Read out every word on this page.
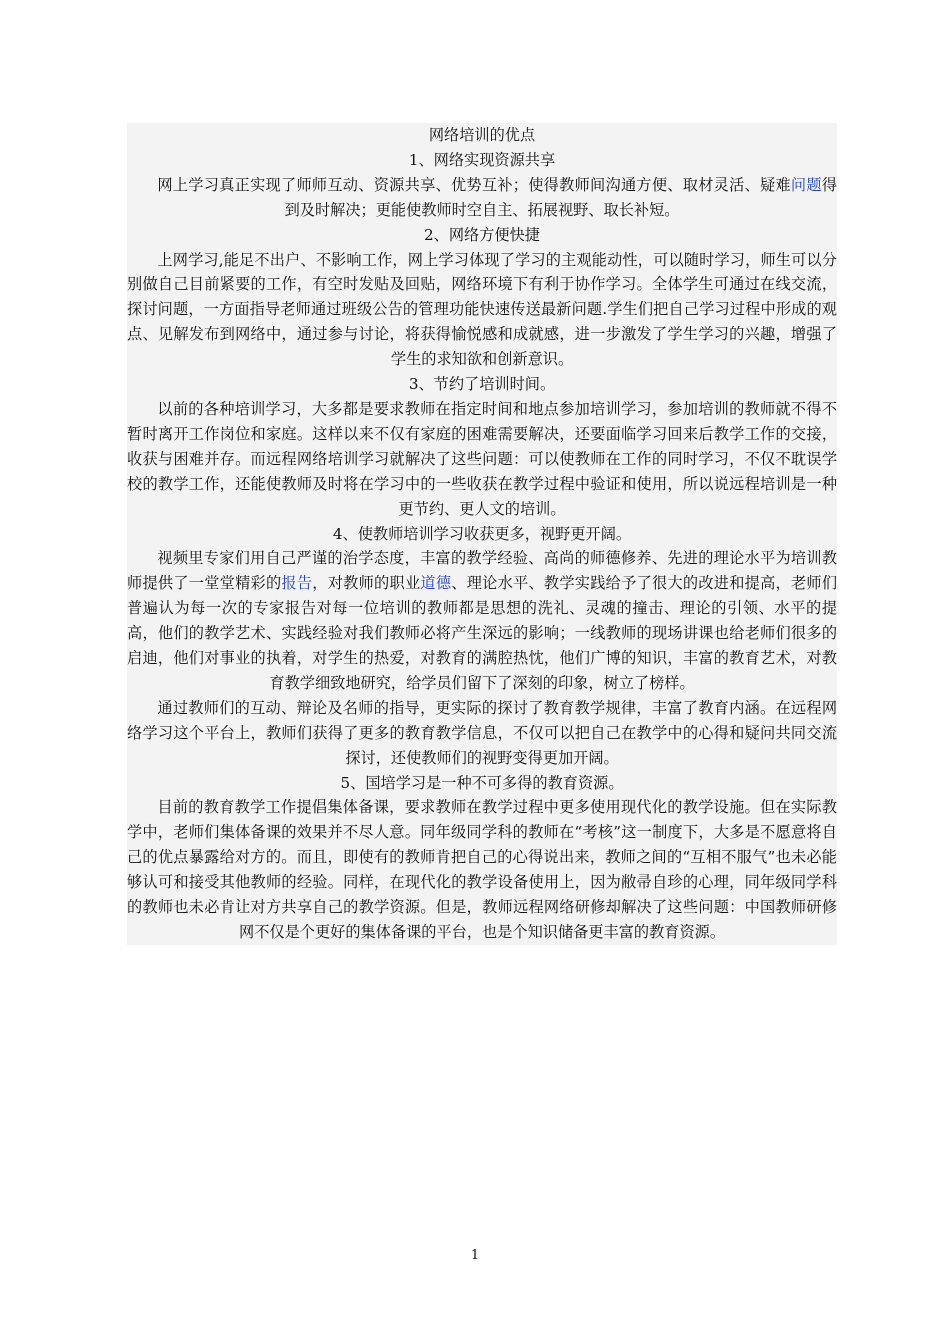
网络培训的优点

1、网络实现资源共享

网上学习真正实现了师师互动、资源共享、优势互补；使得教师间沟通方便、取材灵活、疑难问题得到及时解决；更能使教师时空自主、拓展视野、取长补短。

2、网络方便快捷

上网学习,能足不出户、不影响工作，网上学习体现了学习的主观能动性，可以随时学习，师生可以分别做自己目前紧要的工作，有空时发贴及回贴，网络环境下有利于协作学习。全体学生可通过在线交流，探讨问题，一方面指导老师通过班级公告的管理功能快速传送最新问题.学生们把自己学习过程中形成的观点、见解发布到网络中，通过参与讨论，将获得愉悦感和成就感，进一步激发了学生学习的兴趣，增强了学生的求知欲和创新意识。

3、节约了培训时间。

以前的各种培训学习，大多都是要求教师在指定时间和地点参加培训学习，参加培训的教师就不得不暂时离开工作岗位和家庭。这样以来不仅有家庭的困难需要解决，还要面临学习回来后教学工作的交接，收获与困难并存。而远程网络培训学习就解决了这些问题：可以使教师在工作的同时学习，不仅不耽误学校的教学工作，还能使教师及时将在学习中的一些收获在教学过程中验证和使用，所以说远程培训是一种更节约、更人文的培训。

4、使教师培训学习收获更多，视野更开阔。

视频里专家们用自己严谨的治学态度，丰富的教学经验、高尚的师德修养、先进的理论水平为培训教师提供了一堂堂精彩的报告，对教师的职业道德、理论水平、教学实践给予了很大的改进和提高，老师们普遍认为每一次的专家报告对每一位培训的教师都是思想的洗礼、灵魂的撞击、理论的引领、水平的提高，他们的教学艺术、实践经验对我们教师必将产生深远的影响；一线教师的现场讲课也给老师们很多的启迪，他们对事业的执着，对学生的热爱，对教育的满腔热忱，他们广博的知识，丰富的教育艺术，对教育教学细致地研究，给学员们留下了深刻的印象，树立了榜样。

通过教师们的互动、辩论及名师的指导，更实际的探讨了教育教学规律，丰富了教育内涵。在远程网络学习这个平台上，教师们获得了更多的教育教学信息，不仅可以把自己在教学中的心得和疑问共同交流探讨，还使教师们的视野变得更加开阔。

5、国培学习是一种不可多得的教育资源。

目前的教育教学工作提倡集体备课，要求教师在教学过程中更多使用现代化的教学设施。但在实际教学中，老师们集体备课的效果并不尽人意。同年级同学科的教师在“考核”这一制度下，大多是不愿意将自己的优点暴露给对方的。而且，即使有的教师肯把自己的心得说出来，教师之间的“互相不服气”也未必能够认可和接受其他教师的经验。同样，在现代化的教学设备使用上，因为敝帚自珍的心理，同年级同学科的教师也未必肯让对方共享自己的教学资源。但是，教师远程网络研修却解决了这些问题：中国教师研修网不仅是个更好的集体备课的平台，也是个知识储备更丰富的教育资源。

1
